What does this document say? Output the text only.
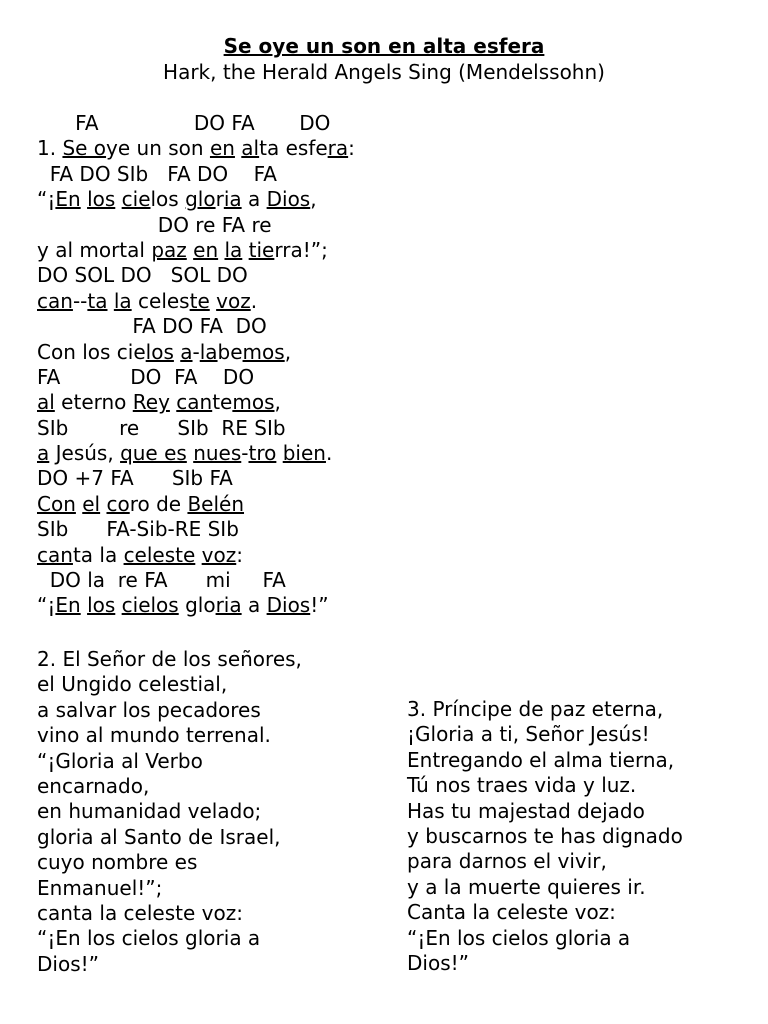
Se oye un son en alta esfera
Hark, the Herald Angels Sing (Mendelssohn)
FA               DO FA       DO
1. Se oye un son en alta esfera:
FA DO SIb   FA DO    FA
“¡En los cielos gloria a Dios,
DO re FA re
y al mortal paz en la tierra!”;
DO SOL DO   SOL DO
can--ta la celeste voz.
FA DO FA  DO
Con los cielos a-labemos,
FA           DO  FA    DO
al eterno Rey cantemos,
SIb        re      SIb  RE SIb
a Jesús, que es nues-tro bien.
DO +7 FA      SIb FA
Con el coro de Belén
SIb      FA-Sib-RE SIb
canta la celeste voz:
DO la  re FA      mi     FA
“¡En los cielos gloria a Dios!”
2. El Señor de los señores,
el Ungido celestial,
a salvar los pecadores
vino al mundo terrenal.
“¡Gloria al Verbo
encarnado,
en humanidad velado;
gloria al Santo de Israel,
cuyo nombre es
Enmanuel!”;
canta la celeste voz:
“¡En los cielos gloria a
Dios!”
3. Príncipe de paz eterna,
¡Gloria a ti, Señor Jesús!
Entregando el alma tierna,
Tú nos traes vida y luz.
Has tu majestad dejado
y buscarnos te has dignado
para darnos el vivir,
y a la muerte quieres ir.
Canta la celeste voz:
“¡En los cielos gloria a
Dios!”
